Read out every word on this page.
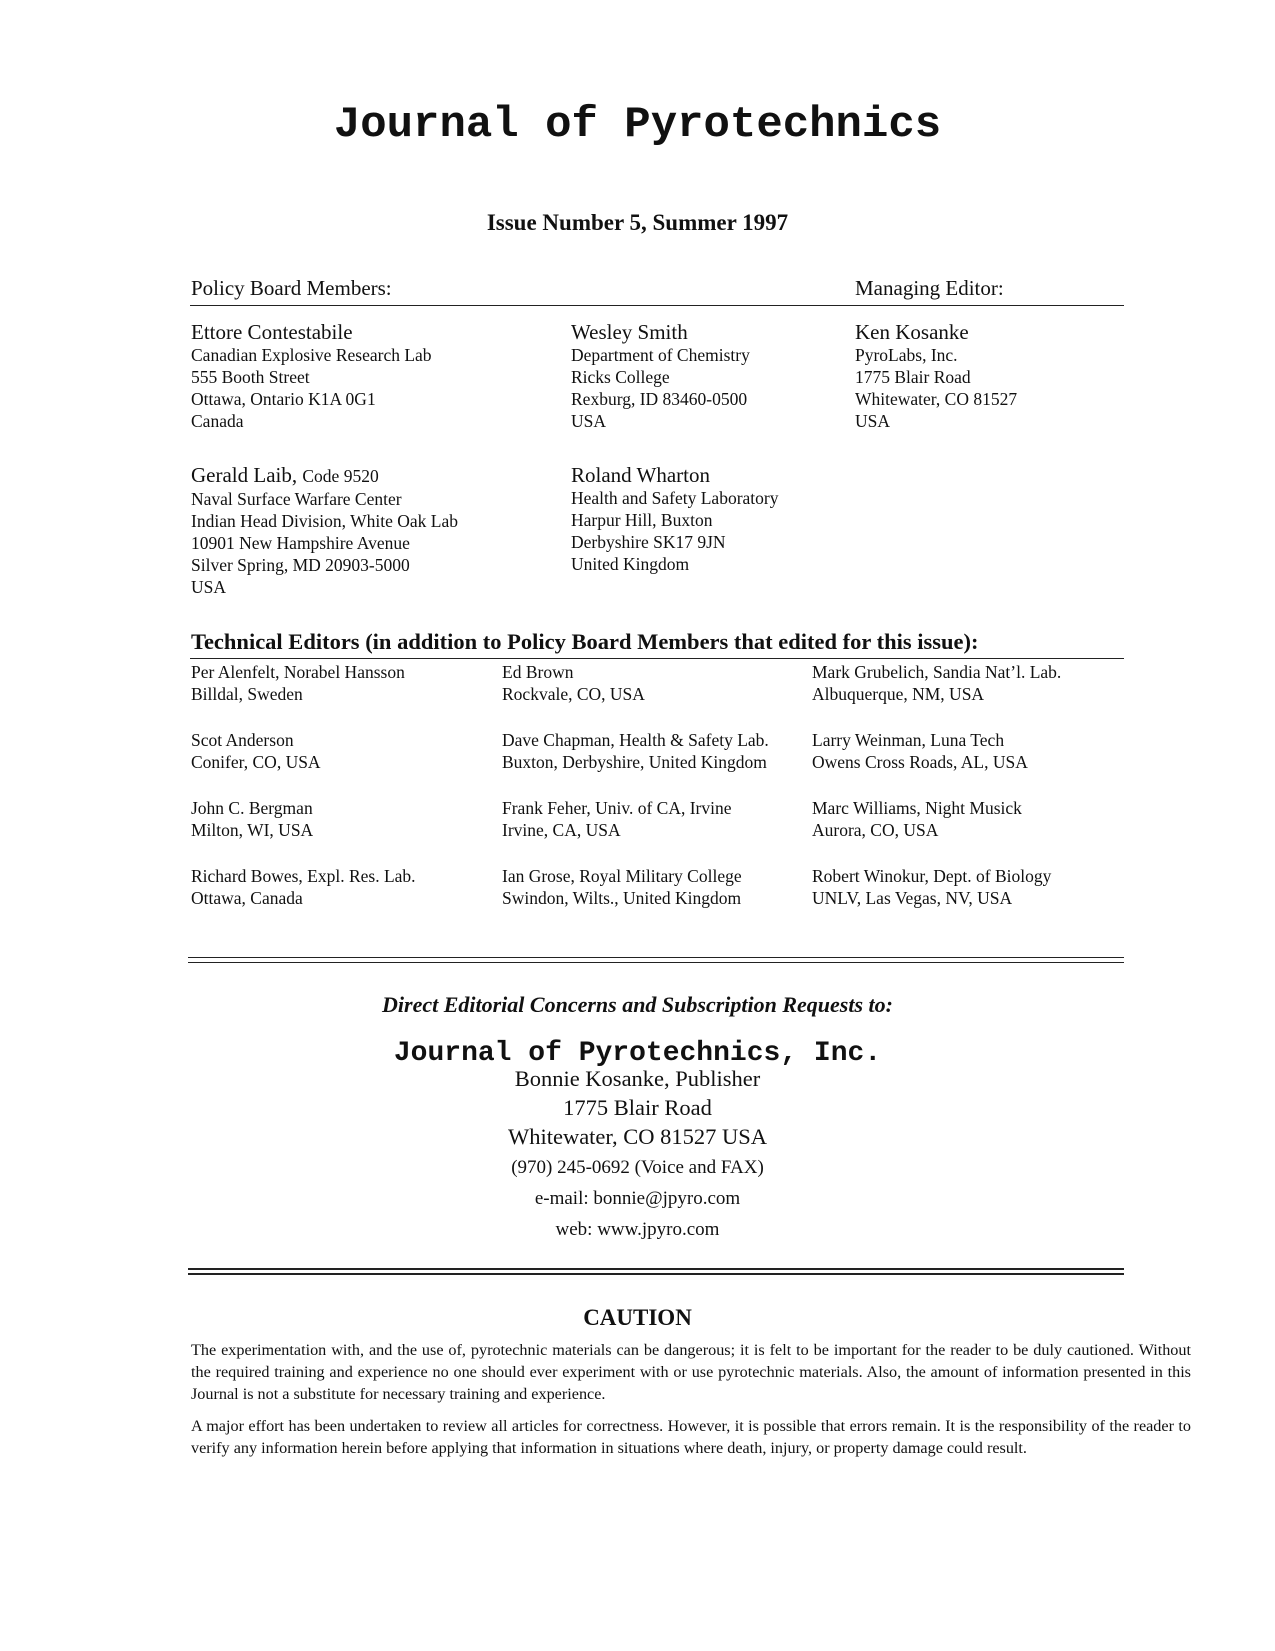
Journal of Pyrotechnics
Issue Number 5, Summer 1997
Policy Board Members:	Managing Editor:
Ettore Contestabile
Canadian Explosive Research Lab
555 Booth Street
Ottawa, Ontario K1A 0G1
Canada
Wesley Smith
Department of Chemistry
Ricks College
Rexburg, ID 83460-0500
USA
Ken Kosanke
PyroLabs, Inc.
1775 Blair Road
Whitewater, CO 81527
USA
Gerald Laib, Code 9520
Naval Surface Warfare Center
Indian Head Division, White Oak Lab
10901 New Hampshire Avenue
Silver Spring, MD 20903-5000
USA
Roland Wharton
Health and Safety Laboratory
Harpur Hill, Buxton
Derbyshire SK17 9JN
United Kingdom
Technical Editors (in addition to Policy Board Members that edited for this issue):
Per Alenfelt, Norabel Hansson
Billdal, Sweden
Ed Brown
Rockvale, CO, USA
Mark Grubelich, Sandia Nat’l. Lab.
Albuquerque, NM, USA
Scot Anderson
Conifer, CO, USA
Dave Chapman, Health & Safety Lab.
Buxton, Derbyshire, United Kingdom
Larry Weinman, Luna Tech
Owens Cross Roads, AL, USA
John C. Bergman
Milton, WI, USA
Frank Feher, Univ. of CA, Irvine
Irvine, CA, USA
Marc Williams, Night Musick
Aurora, CO, USA
Richard Bowes, Expl. Res. Lab.
Ottawa, Canada
Ian Grose, Royal Military College
Swindon, Wilts., United Kingdom
Robert Winokur, Dept. of Biology
UNLV, Las Vegas, NV, USA
Direct Editorial Concerns and Subscription Requests to:
Journal of Pyrotechnics, Inc.
Bonnie Kosanke, Publisher
1775 Blair Road
Whitewater, CO 81527 USA
(970) 245-0692 (Voice and FAX)
e-mail: bonnie@jpyro.com
web: www.jpyro.com
CAUTION
The experimentation with, and the use of, pyrotechnic materials can be dangerous; it is felt to be important for the reader to be duly cautioned. Without the required training and experience no one should ever experiment with or use pyrotechnic materials. Also, the amount of information presented in this Journal is not a substitute for necessary training and experience.
A major effort has been undertaken to review all articles for correctness. However, it is possible that errors remain. It is the responsibility of the reader to verify any information herein before applying that information in situations where death, injury, or property damage could result.
